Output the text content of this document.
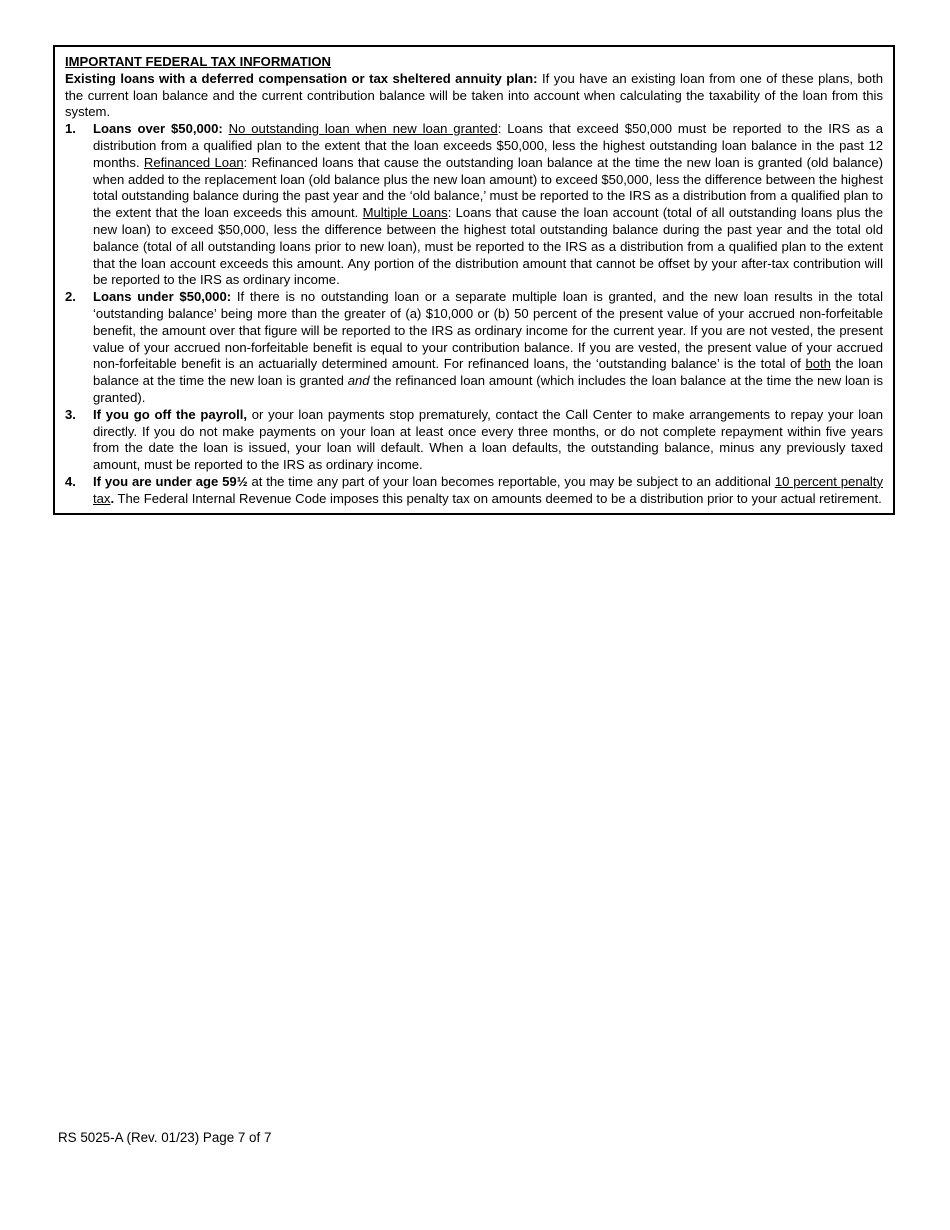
IMPORTANT FEDERAL TAX INFORMATION
Existing loans with a deferred compensation or tax sheltered annuity plan: If you have an existing loan from one of these plans, both the current loan balance and the current contribution balance will be taken into account when calculating the taxability of the loan from this system.
1.	Loans over $50,000: No outstanding loan when new loan granted: Loans that exceed $50,000 must be reported to the IRS as a distribution from a qualified plan to the extent that the loan exceeds $50,000, less the highest outstanding loan balance in the past 12 months. Refinanced Loan: Refinanced loans that cause the outstanding loan balance at the time the new loan is granted (old balance) when added to the replacement loan (old balance plus the new loan amount) to exceed $50,000, less the difference between the highest total outstanding balance during the past year and the ‘old balance,’ must be reported to the IRS as a distribution from a qualified plan to the extent that the loan exceeds this amount. Multiple Loans: Loans that cause the loan account (total of all outstanding loans plus the new loan) to exceed $50,000, less the difference between the highest total outstanding balance during the past year and the total old balance (total of all outstanding loans prior to new loan), must be reported to the IRS as a distribution from a qualified plan to the extent that the loan account exceeds this amount. Any portion of the distribution amount that cannot be offset by your after-tax contribution will be reported to the IRS as ordinary income.
2.	Loans under $50,000: If there is no outstanding loan or a separate multiple loan is granted, and the new loan results in the total ‘outstanding balance’ being more than the greater of (a) $10,000 or (b) 50 percent of the present value of your accrued non-forfeitable benefit, the amount over that figure will be reported to the IRS as ordinary income for the current year. If you are not vested, the present value of your accrued non-forfeitable benefit is equal to your contribution balance. If you are vested, the present value of your accrued non-forfeitable benefit is an actuarially determined amount. For refinanced loans, the ‘outstanding balance’ is the total of both the loan balance at the time the new loan is granted and the refinanced loan amount (which includes the loan balance at the time the new loan is granted).
3.	If you go off the payroll, or your loan payments stop prematurely, contact the Call Center to make arrangements to repay your loan directly. If you do not make payments on your loan at least once every three months, or do not complete repayment within five years from the date the loan is issued, your loan will default. When a loan defaults, the outstanding balance, minus any previously taxed amount, must be reported to the IRS as ordinary income.
4.	If you are under age 59½ at the time any part of your loan becomes reportable, you may be subject to an additional 10 percent penalty tax. The Federal Internal Revenue Code imposes this penalty tax on amounts deemed to be a distribution prior to your actual retirement.
RS 5025-A (Rev. 01/23) Page 7 of 7
